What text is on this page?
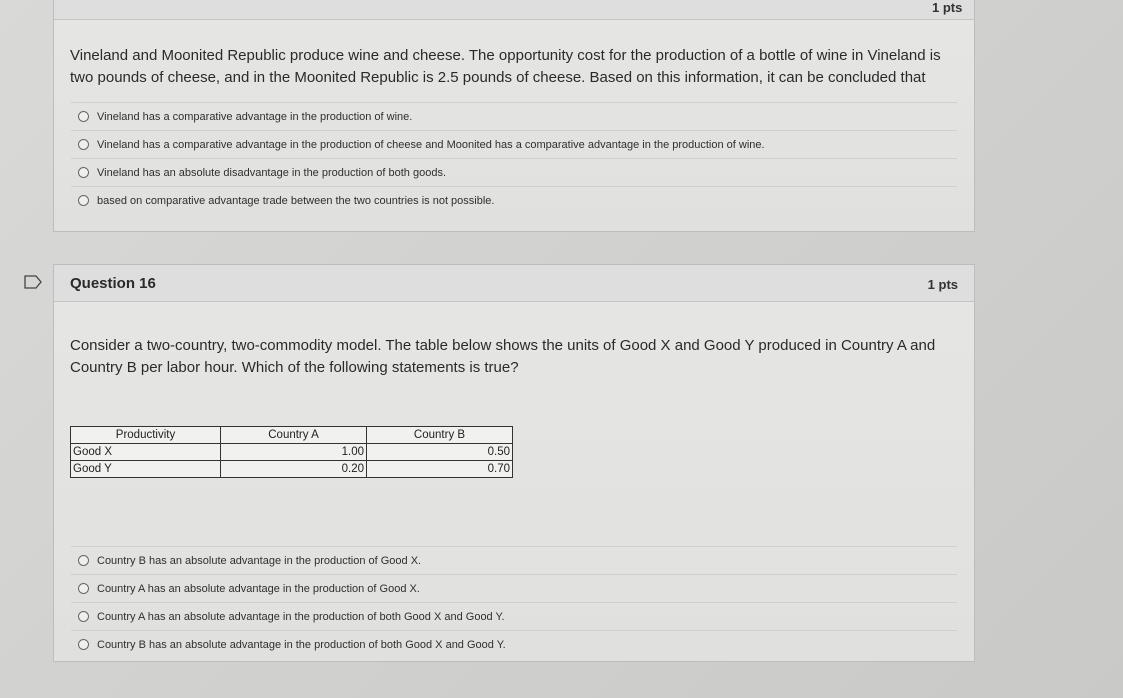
Vineland and Moonited Republic produce wine and cheese. The opportunity cost for the production of a bottle of wine in Vineland is two pounds of cheese, and in the Moonited Republic is 2.5 pounds of cheese. Based on this information, it can be concluded that
Vineland has a comparative advantage in the production of wine.
Vineland has a comparative advantage in the production of cheese and Moonited has a comparative advantage in the production of wine.
Vineland has an absolute disadvantage in the production of both goods.
based on comparative advantage trade between the two countries is not possible.
1 pts
Question 16	1 pts
Consider a two-country, two-commodity model. The table below shows the units of Good X and Good Y produced in Country A and Country B per labor hour. Which of the following statements is true?
Productivity	Country A	Country B
Good X	1.00	0.50
Good Y	0.20	0.70
Country B has an absolute advantage in the production of Good X.
Country A has an absolute advantage in the production of Good X.
Country A has an absolute advantage in the production of both Good X and Good Y.
Country B has an absolute advantage in the production of both Good X and Good Y.
